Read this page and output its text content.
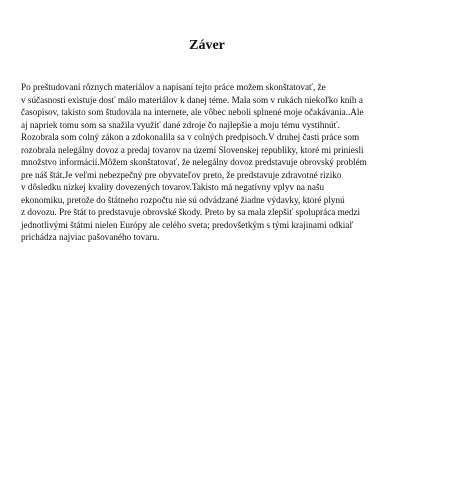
Záver

Po preštudovaní rôznych materiálov a napísaní tejto práce možem skonštatovať, že
v súčasnosti existuje dosť málo materiálov k danej téme. Mala som v rukách niekoľko kníh a
časopisov, takisto som študovala na internete, ale vôbec neboli splnené moje očakávania..Ale
aj napriek tomu som sa snažila využiť dané zdroje čo najlepšie a moju tému vystihnúť.
Rozobrala som colný zákon a zdokonalila sa v colných predpisoch.V druhej časti práce som
rozobrala nelegálny dovoz a predaj tovarov na území Slovenskej republiky, ktoré mi priniesli
množstvo informácií.Môžem skonštatovať, že nelegálny dovoz predstavuje obrovský problém
pre náš štát.Je veľmi nebezpečný pre obyvateľov preto, že predstavuje zdravotné riziko
v dôsledku nízkej kvality dovezených tovarov.Takisto má negatívny vplyv na našu
ekonomiku, pretože do štátneho rozpočtu nie sú odvádzané žiadne výdavky, ktoré plynú
z dovozu. Pre štát to predstavuje obrovské škody. Preto by sa mala zlepšiť spolupráca medzi
jednotlivými štátmi nielen Európy ale celého sveta; predovšetkým s tými krajinami odkiaľ
prichádza najviac pašovaného tovaru.
